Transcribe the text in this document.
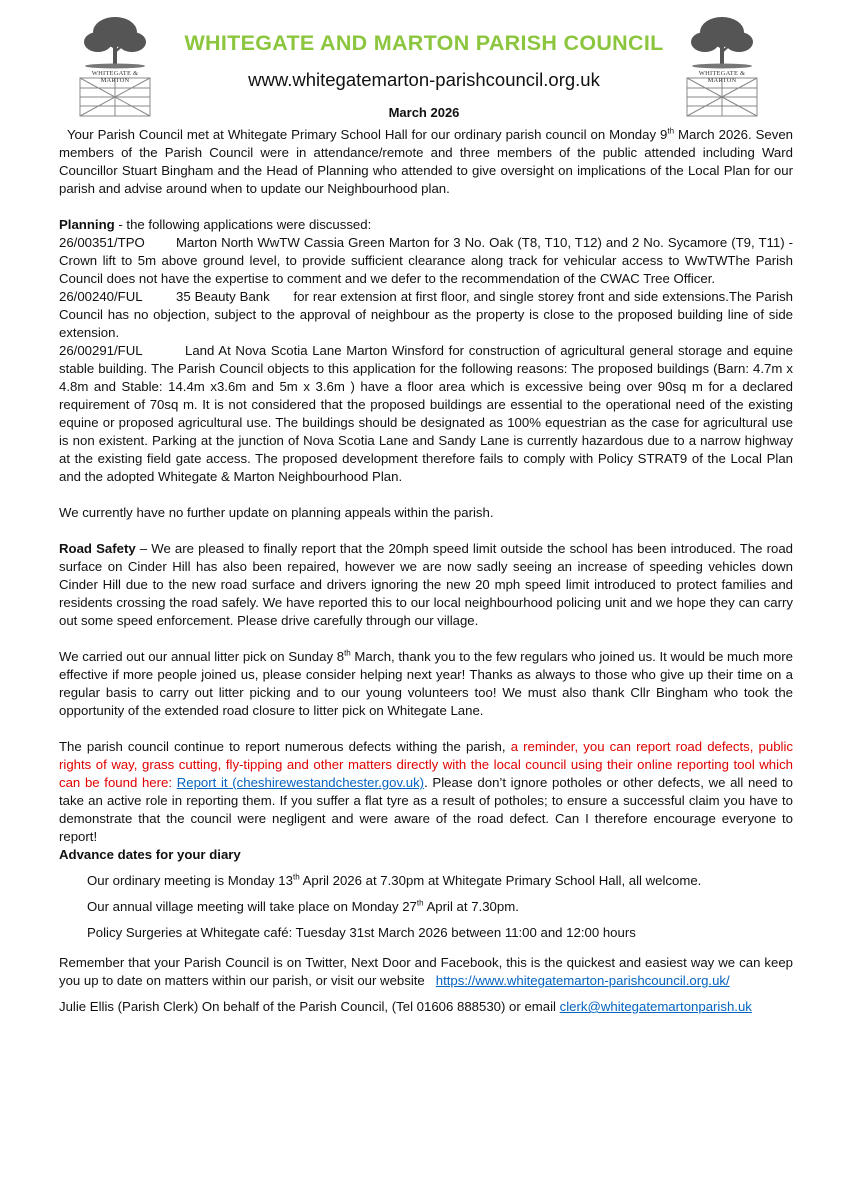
WHITEGATE & MARTON
WHITEGATE & MARTON
WHITEGATE AND MARTON PARISH COUNCIL
www.whitegatemarton-parishcouncil.org.uk
March 2026

Your Parish Council met at Whitegate Primary School Hall for our ordinary parish council on Monday 9th March 2026. Seven members of the Parish Council were in attendance/remote and three members of the public attended including Ward Councillor Stuart Bingham and the Head of Planning who attended to give oversight on implications of the Local Plan for our parish and advise around when to update our Neighbourhood plan.

Planning - the following applications were discussed:

26/00351/TPO Marton North WwTW Cassia Green Marton for 3 No. Oak (T8, T10, T12) and 2 No. Sycamore (T9, T11) - Crown lift to 5m above ground level, to provide sufficient clearance along track for vehicular access to WwTWThe Parish Council does not have the expertise to comment and we defer to the recommendation of the CWAC Tree Officer.

26/00240/FUL	35 Beauty Bank      for rear extension at first floor, and single storey front and side extensions.The Parish Council has no objection, subject to the approval of neighbour as the property is close to the proposed building line of side extension.

26/00291/FUL	Land At Nova Scotia Lane Marton Winsford for construction of agricultural general storage and equine stable building. The Parish Council objects to this application for the following reasons: The proposed buildings (Barn: 4.7m x 4.8m and Stable: 14.4m x3.6m and 5m x 3.6m ) have a floor area which is excessive being over 90sq m for a declared requirement of 70sq m. It is not considered that the proposed buildings are essential to the operational need of the existing equine or proposed agricultural use. The buildings should be designated as 100% equestrian as the case for agricultural use is non existent. Parking at the junction of Nova Scotia Lane and Sandy Lane is currently hazardous due to a narrow highway at the existing field gate access. The proposed development therefore fails to comply with Policy STRAT9 of the Local Plan and the adopted Whitegate & Marton Neighbourhood Plan.

We currently have no further update on planning appeals within the parish.

Road Safety – We are pleased to finally report that the 20mph speed limit outside the school has been introduced. The road surface on Cinder Hill has also been repaired, however we are now sadly seeing an increase of speeding vehicles down Cinder Hill due to the new road surface and drivers ignoring the new 20 mph speed limit introduced to protect families and residents crossing the road safely. We have reported this to our local neighbourhood policing unit and we hope they can carry out some speed enforcement. Please drive carefully through our village.

We carried out our annual litter pick on Sunday 8th March, thank you to the few regulars who joined us. It would be much more effective if more people joined us, please consider helping next year! Thanks as always to those who give up their time on a regular basis to carry out litter picking and to our young volunteers too! We must also thank Cllr Bingham who took the opportunity of the extended road closure to litter pick on Whitegate Lane.

The parish council continue to report numerous defects withing the parish, a reminder, you can report road defects, public rights of way, grass cutting, fly-tipping and other matters directly with the local council using their online reporting tool which can be found here: Report it (cheshirewestandchester.gov.uk). Please don’t ignore potholes or other defects, we all need to take an active role in reporting them. If you suffer a flat tyre as a result of potholes; to ensure a successful claim you have to demonstrate that the council were negligent and were aware of the road defect. Can I therefore encourage everyone to report!

Advance dates for your diary

Our ordinary meeting is Monday 13th April 2026 at 7.30pm at Whitegate Primary School Hall, all welcome.

Our annual village meeting will take place on Monday 27th April at 7.30pm.

Policy Surgeries at Whitegate café: Tuesday 31st March 2026 between 11:00 and 12:00 hours

Remember that your Parish Council is on Twitter, Next Door and Facebook, this is the quickest and easiest way we can keep you up to date on matters within our parish, or visit our website   https://www.whitegatemarton-parishcouncil.org.uk/

Julie Ellis (Parish Clerk) On behalf of the Parish Council, (Tel 01606 888530) or email clerk@whitegatemartonparish.uk
